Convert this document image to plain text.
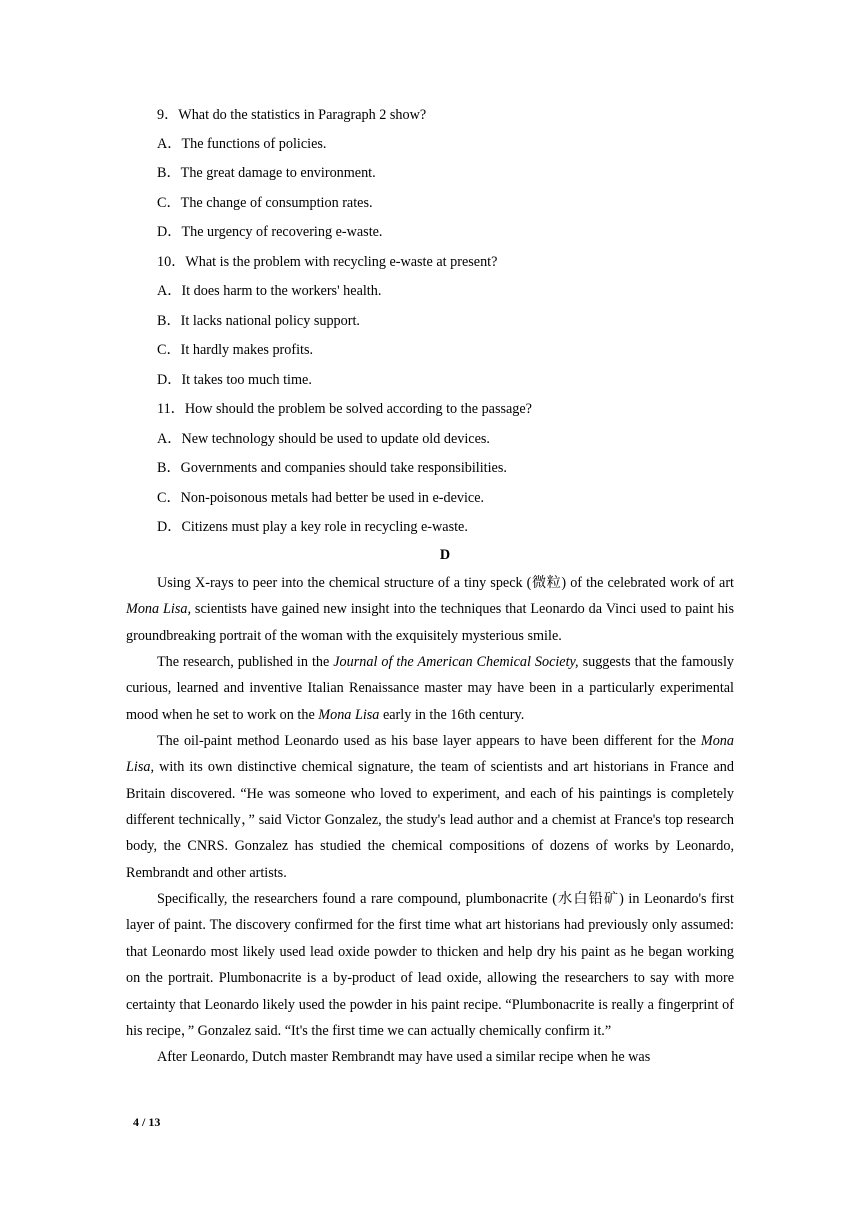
9．What do the statistics in Paragraph 2 show?
A．The functions of policies.
B．The great damage to environment.
C．The change of consumption rates.
D．The urgency of recovering e-waste.
10．What is the problem with recycling e-waste at present?
A．It does harm to the workers' health.
B．It lacks national policy support.
C．It hardly makes profits.
D．It takes too much time.
11．How should the problem be solved according to the passage?
A．New technology should be used to update old devices.
B．Governments and companies should take responsibilities.
C．Non-poisonous metals had better be used in e-device.
D．Citizens must play a key role in recycling e-waste.
D

Using X-rays to peer into the chemical structure of a tiny speck (微粒) of the celebrated work of art Mona Lisa, scientists have gained new insight into the techniques that Leonardo da Vinci used to paint his groundbreaking portrait of the woman with the exquisitely mysterious smile.

The research, published in the Journal of the American Chemical Society, suggests that the famously curious, learned and inventive Italian Renaissance master may have been in a particularly experimental mood when he set to work on the Mona Lisa early in the 16th century.

The oil-paint method Leonardo used as his base layer appears to have been different for the Mona Lisa, with its own distinctive chemical signature, the team of scientists and art historians in France and Britain discovered. “He was someone who loved to experiment, and each of his paintings is completely different technically，” said Victor Gonzalez, the study's lead author and a chemist at France's top research body, the CNRS. Gonzalez has studied the chemical compositions of dozens of works by Leonardo, Rembrandt and other artists.

Specifically, the researchers found a rare compound, plumbonacrite (水白铅矿) in Leonardo's first layer of paint. The discovery confirmed for the first time what art historians had previously only assumed: that Leonardo most likely used lead oxide powder to thicken and help dry his paint as he began working on the portrait. Plumbonacrite is a by-product of lead oxide, allowing the researchers to say with more certainty that Leonardo likely used the powder in his paint recipe. “Plumbonacrite is really a fingerprint of his recipe，” Gonzalez said. “It's the first time we can actually chemically confirm it.”

After Leonardo, Dutch master Rembrandt may have used a similar recipe when he was

4 / 13
